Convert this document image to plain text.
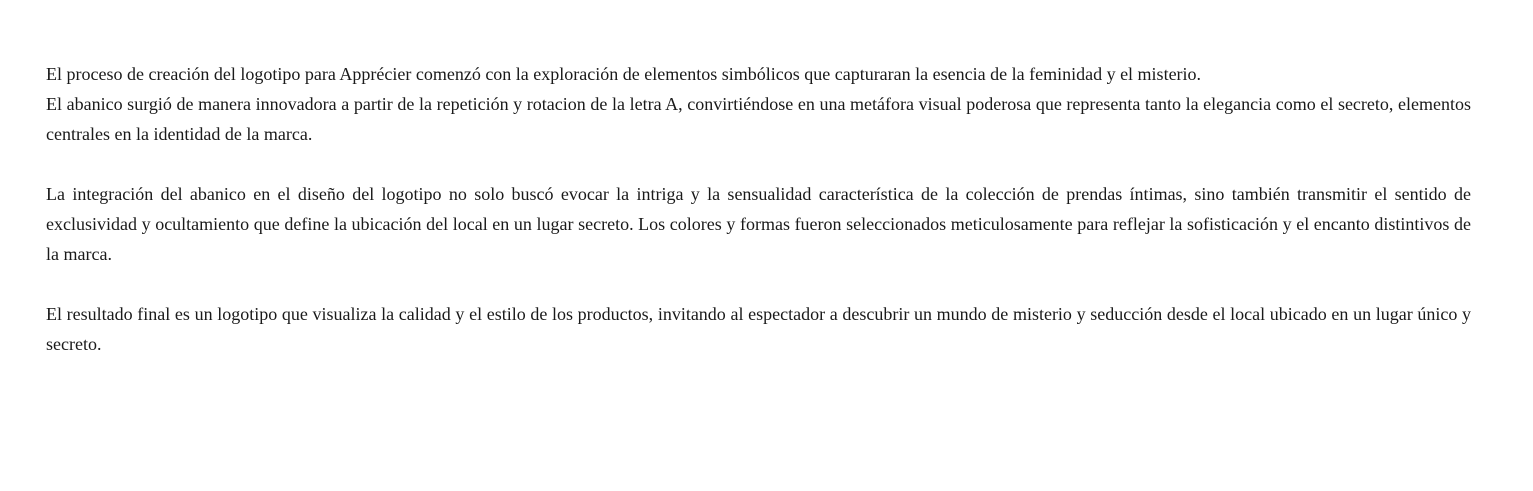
El proceso de creación del logotipo para Apprécier comenzó con la exploración de elementos simbólicos que capturaran la esencia de la feminidad y el misterio.
El abanico surgió de manera innovadora a partir de la repetición y rotacion de la letra A, convirtiéndose en una metáfora visual poderosa que representa tanto la elegancia como el secreto, elementos centrales en la identidad de la marca.

La integración del abanico en el diseño del logotipo no solo buscó evocar la intriga y la sensualidad característica de la colección de prendas íntimas, sino también transmitir el sentido de exclusividad y ocultamiento que define la ubicación del local en un lugar secreto. Los colores y formas fueron seleccionados meticulosamente para reflejar la sofisticación y el encanto distintivos de la marca.

El resultado final es un logotipo que visualiza la calidad y el estilo de los productos, invitando al espectador a descubrir un mundo de misterio y seducción desde el local ubicado en un lugar único y secreto.
